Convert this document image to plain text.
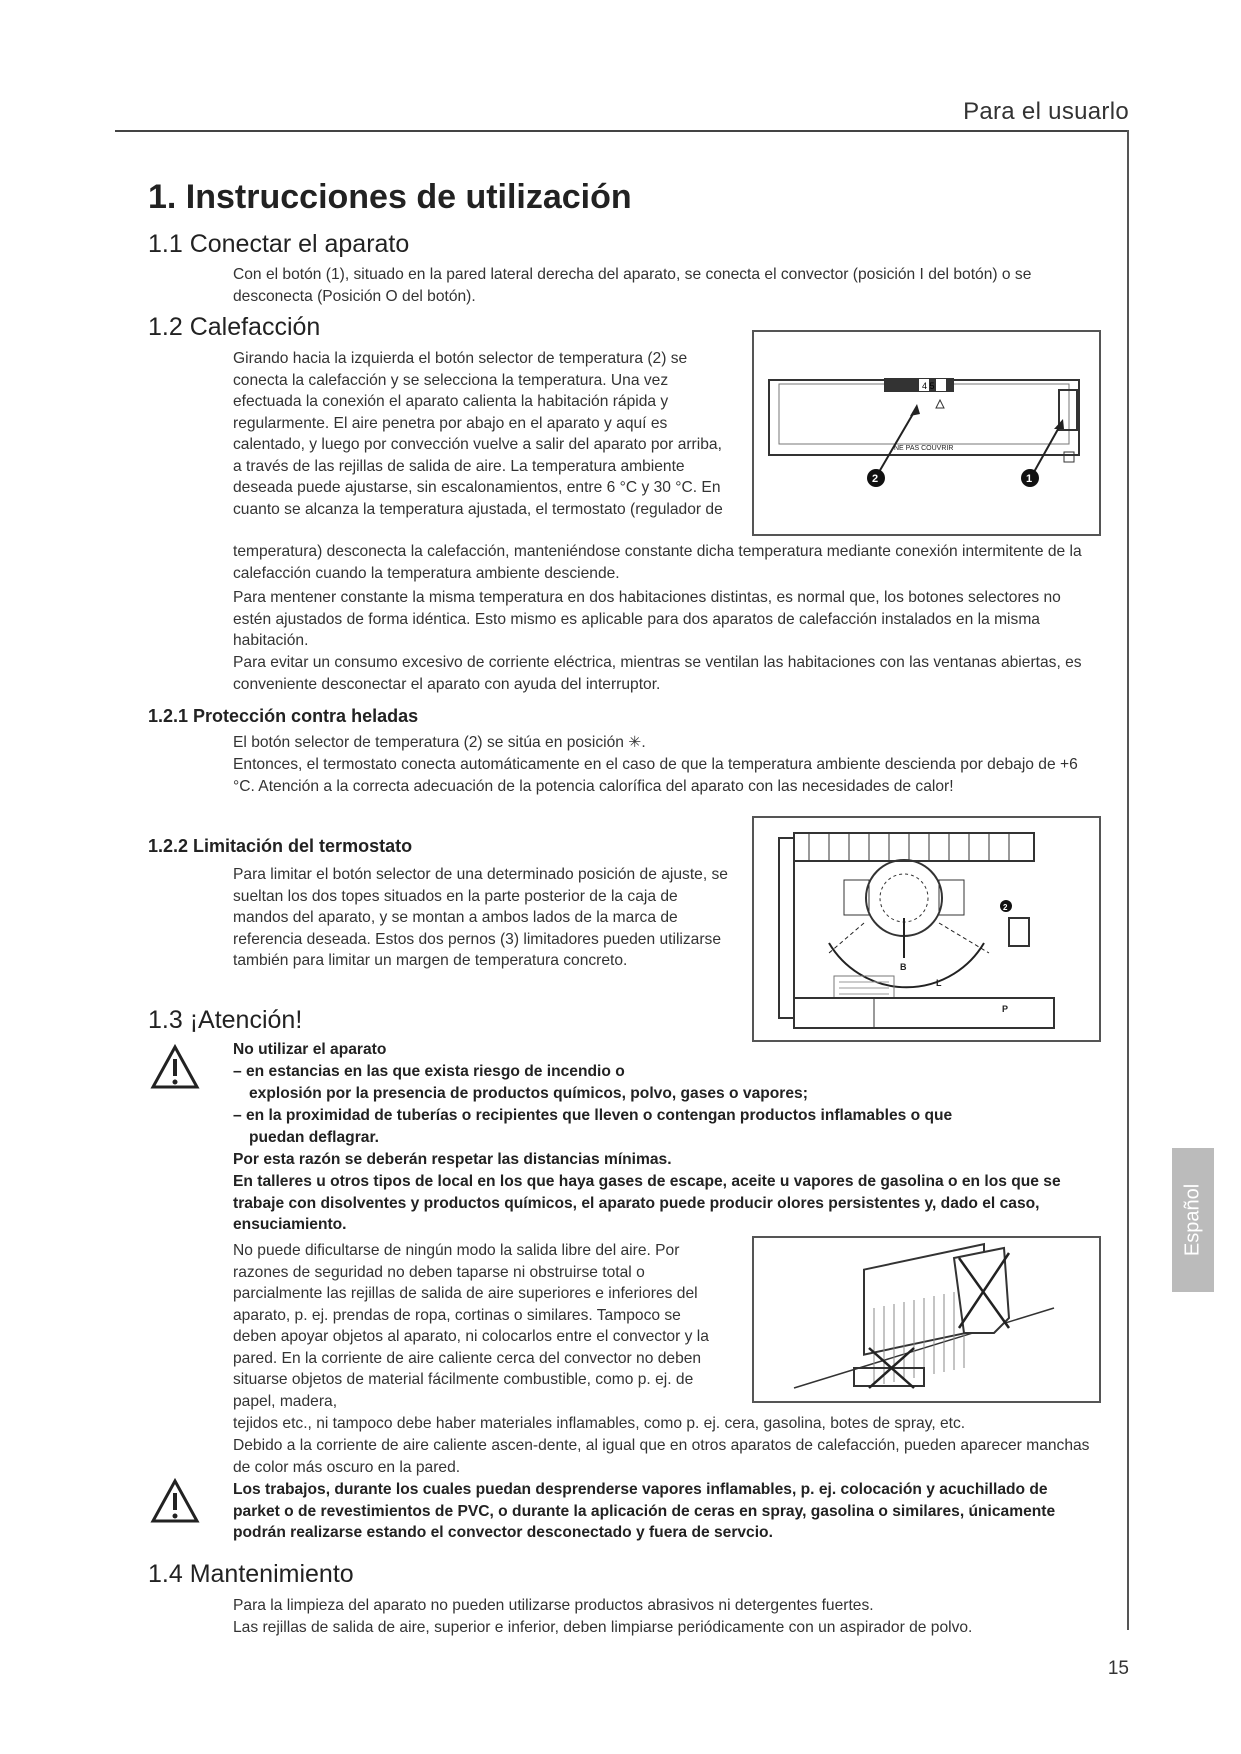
Para el usuarlo
1. Instrucciones de utilización
1.1 Conectar el aparato

Con el botón (1), situado en la pared lateral derecha del aparato, se conecta el convector (posición I del botón) o se desconecta (Posición O del botón).

1.2 Calefacción

Girando hacia la izquierda el botón selector de temperatura (2) se conecta la calefacción y se selecciona la temperatura. Una vez efectuada la conexión el aparato calienta la habitación rápida y regularmente. El aire penetra por abajo en el aparato y aquí es calentado, y luego por convección vuelve a salir del aparato por arriba, a través de las rejillas de salida de aire. La temperatura ambiente deseada puede ajustarse, sin escalonamientos, entre 6 °C y 30 °C. En cuanto se alcanza la temperatura ajustada, el termostato (regulador de

temperatura) desconecta la calefacción, manteniéndose constante dicha temperatura mediante conexión intermitente de la calefacción cuando la temperatura ambiente desciende.

Para mentener constante la misma temperatura en dos habitaciones distintas, es normal que, los botones selectores no estén ajustados de forma idéntica. Esto mismo es aplicable para dos aparatos de calefacción instalados en la misma habitación.

Para evitar un consumo excesivo de corriente eléctrica, mientras se ventilan las habitaciones con las ventanas abiertas, es conveniente desconectar el aparato con ayuda del interruptor.

4 5
NE PAS COUVRIR
2	1
1.2.1 Protección contra heladas

El botón selector de temperatura (2) se sitúa en posición ✳.

Entonces, el termostato conecta automáticamente en el caso de que la temperatura ambiente descienda por debajo de +6 °C. Atención a la correcta adecuación de la potencia calorífica del aparato con las necesidades de calor!

1.2.2 Limitación del termostato

Para limitar el botón selector de una determinado posición de ajuste, se sueltan los dos topes situados en la parte posterior de la caja de mandos del aparato, y se montan a ambos lados de la marca de referencia deseada. Estos dos pernos (3) limitadores pueden utilizarse también para limitar un margen de temperatura concreto.

2
B
L
P
1.3 ¡Atención!

No utilizar el aparato

– en estancias en las que exista riesgo de incendio o

explosión por la presencia de productos químicos, polvo, gases o vapores;

– en la proximidad de tuberías o recipientes que lleven o contengan productos inflamables o que

puedan deflagrar.

Por esta razón se deberán respetar las distancias mínimas.

En talleres u otros tipos de local en los que haya gases de escape, aceite u vapores de gasolina o en los que se trabaje con disolventes y productos químicos, el aparato puede producir olores persistentes y, dado el caso, ensuciamiento.

No puede dificultarse de ningún modo la salida libre del aire. Por razones de seguridad no deben taparse ni obstruirse total o parcialmente las rejillas de salida de aire superiores e inferiores del aparato, p. ej. prendas de ropa, cortinas o similares. Tampoco se deben apoyar objetos al aparato, ni colocarlos entre el convector y la pared. En la corriente de aire caliente cerca del convector no deben situarse objetos de material fácilmente combustible, como p. ej. de papel, madera,

tejidos etc., ni tampoco debe haber materiales inflamables, como p. ej. cera, gasolina, botes de spray, etc.

Debido a la corriente de aire caliente ascen-dente, al igual que en otros aparatos de calefacción, pueden aparecer manchas de color más oscuro en la pared.

Los trabajos, durante los cuales puedan desprenderse vapores inflamables, p. ej. colocación y acuchillado de parket o de revestimientos de PVC, o durante la aplicación de ceras en spray, gasolina o similares, únicamente podrán realizarse estando el convector desconectado y fuera de servcio.

1.4 Mantenimiento

Para la limpieza del aparato no pueden utilizarse productos abrasivos ni detergentes fuertes.

Las rejillas de salida de aire, superior e inferior, deben limpiarse periódicamente con un aspirador de polvo.

Español
15
